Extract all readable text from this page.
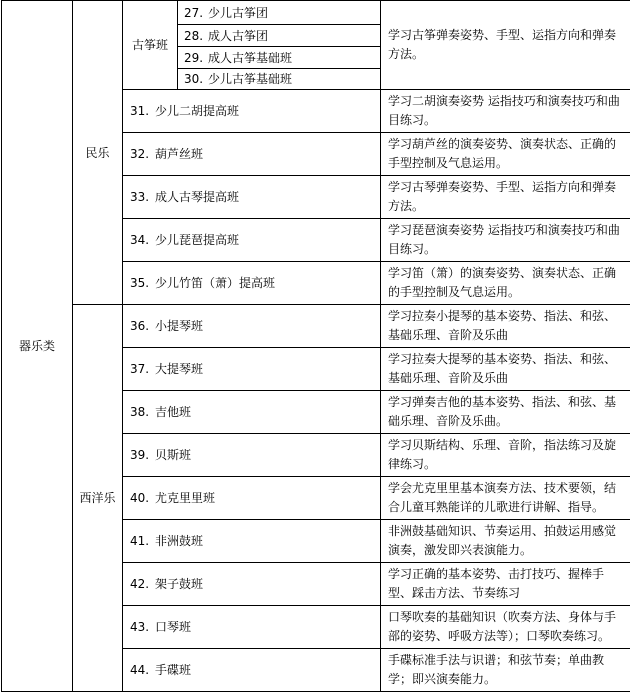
器乐类	民乐	古筝班	27. 少儿古筝团	学习古筝弹奏姿势、手型、运指方向和弹奏方法。
			28. 成人古筝团	
			29. 成人古筝基础班	
			30. 少儿古筝基础班	
		31. 少儿二胡提高班		学习二胡演奏姿势 运指技巧和演奏技巧和曲目练习。
		32. 葫芦丝班		学习葫芦丝的演奏姿势、演奏状态、正确的手型控制及气息运用。
		33. 成人古琴提高班		学习古琴弹奏姿势、手型、运指方向和弹奏方法。
		34. 少儿琵琶提高班		学习琵琶演奏姿势 运指技巧和演奏技巧和曲目练习。
		35. 少儿竹笛（萧）提高班		学习笛（箫）的演奏姿势、演奏状态、正确的手型控制及气息运用。
	西洋乐	36. 小提琴班		学习拉奏小提琴的基本姿势、指法、和弦、基础乐理、音阶及乐曲
		37. 大提琴班		学习拉奏大提琴的基本姿势、指法、和弦、基础乐理、音阶及乐曲
		38. 吉他班		学习弹奏吉他的基本姿势、指法、和弦、基础乐理、音阶及乐曲。
		39. 贝斯班		学习贝斯结构、乐理、音阶，指法练习及旋律练习。
		40. 尤克里里班		学会尤克里里基本演奏方法、技术要领，结合儿童耳熟能详的儿歌进行讲解、指导。
		41. 非洲鼓班		非洲鼓基础知识、节奏运用、拍鼓运用感觉演奏，激发即兴表演能力。
		42. 架子鼓班		学习正确的基本姿势、击打技巧、握棒手型、踩击方法、节奏练习
		43. 口琴班		口琴吹奏的基础知识（吹奏方法、身体与手部的姿势、呼吸方法等）；口琴吹奏练习。
		44. 手碟班		手碟标准手法与识谱；和弦节奏；单曲教学；即兴演奏能力。
